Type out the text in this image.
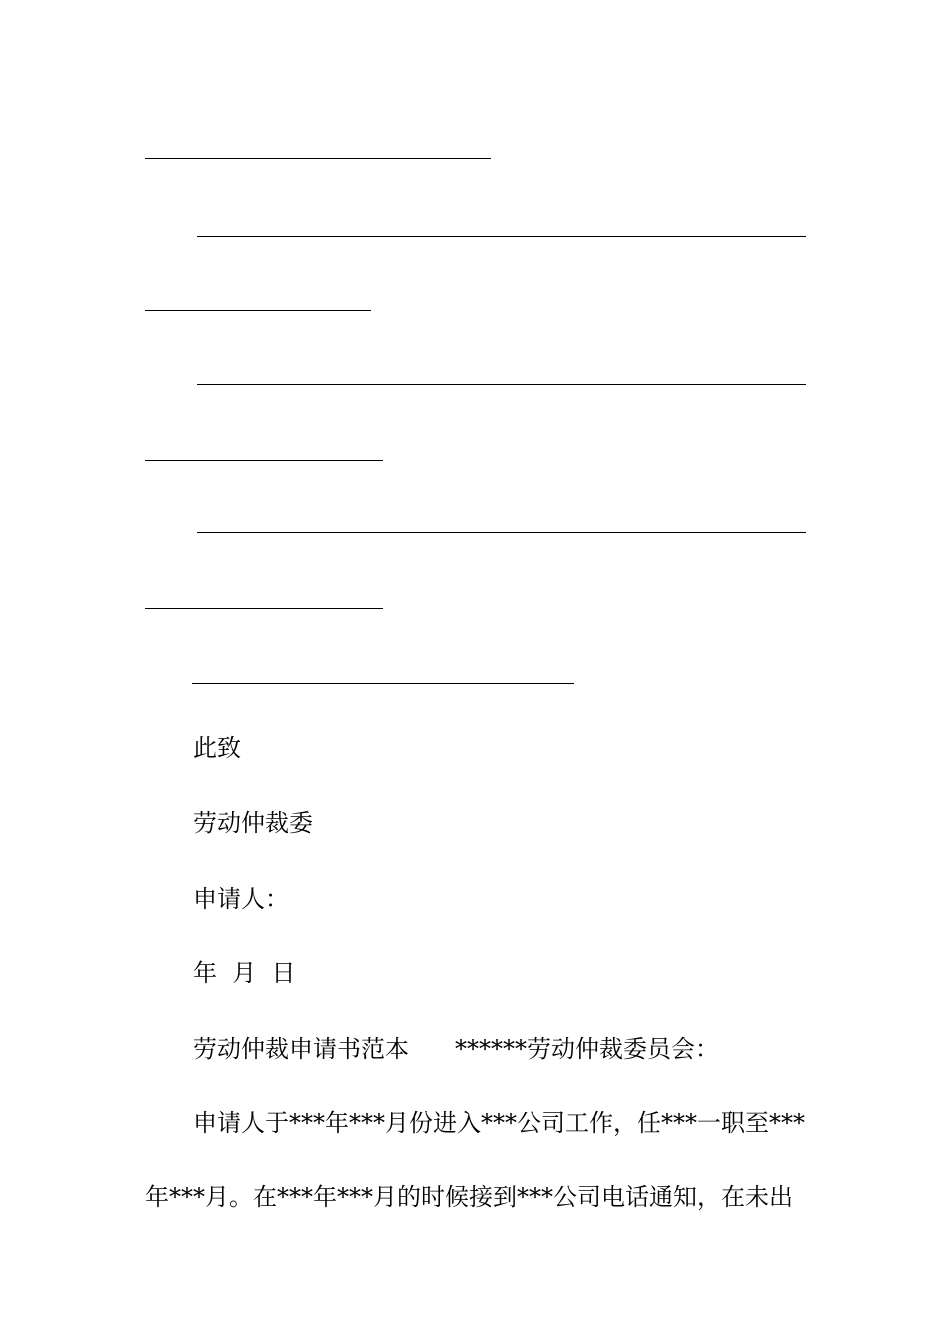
此致
劳动仲裁委
申请人：
年  月  日
劳动仲裁申请书范本 ******劳动仲裁委员会：
申请人于***年***月份进入***公司工作，任***一职至***
年***月。在***年***月的时候接到***公司电话通知，在未出
